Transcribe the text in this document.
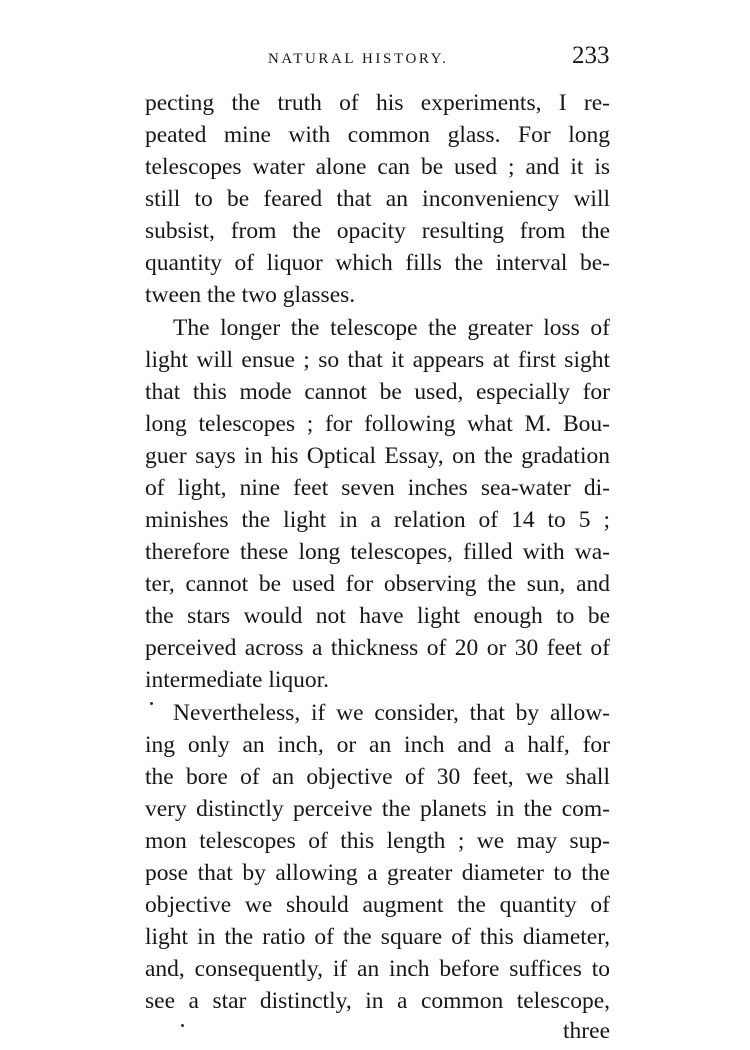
NATURAL HISTORY.	233
pecting the truth of his experiments, I re-
peated mine with common glass. For long
telescopes water alone can be used ; and it is
still to be feared that an inconveniency will
subsist, from the opacity resulting from the
quantity of liquor which fills the interval be-
tween the two glasses.
The longer the telescope the greater loss of
light will ensue ; so that it appears at first sight
that this mode cannot be used, especially for
long telescopes ; for following what M. Bou-
guer says in his Optical Essay, on the gradation
of light, nine feet seven inches sea-water di-
minishes the light in a relation of 14 to 5 ;
therefore these long telescopes, filled with wa-
ter, cannot be used for observing the sun, and
the stars would not have light enough to be
perceived across a thickness of 20 or 30 feet of
intermediate liquor.
Nevertheless, if we consider, that by allow-
ing only an inch, or an inch and a half, for
the bore of an objective of 30 feet, we shall
very distinctly perceive the planets in the com-
mon telescopes of this length ; we may sup-
pose that by allowing a greater diameter to the
objective we should augment the quantity of
light in the ratio of the square of this diameter,
and, consequently, if an inch before suffices to
see a star distinctly, in a common telescope,
three
